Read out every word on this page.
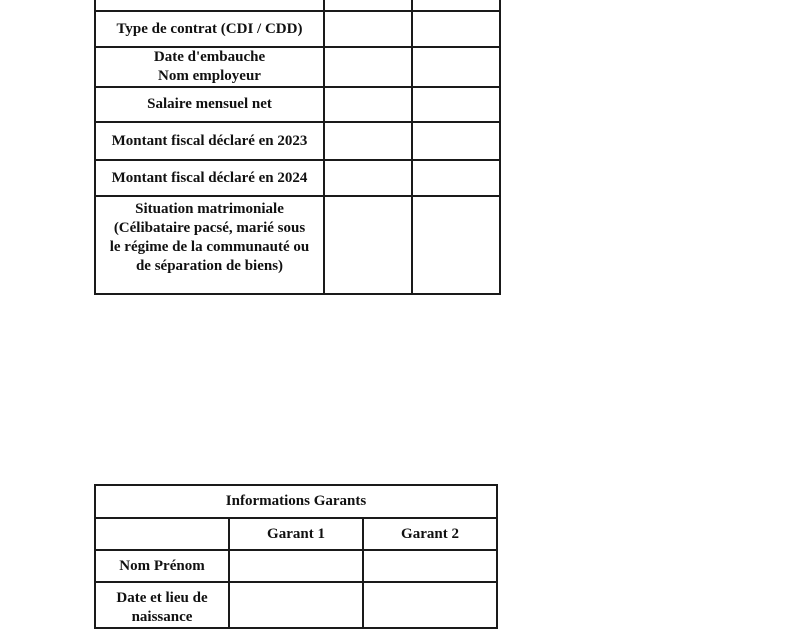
Type de contrat (CDI / CDD)		

Date d'embauche
Nom employeur		

Salaire mensuel net		

Montant fiscal déclaré en 2023		

Montant fiscal déclaré en 2024		

Situation matrimoniale
(Célibataire pacsé, marié sous
le régime de la communauté ou
de séparation de biens)		

Informations Garants		
	Garant 1	Garant 2
Nom Prénom		
Date et lieu de naissance		
